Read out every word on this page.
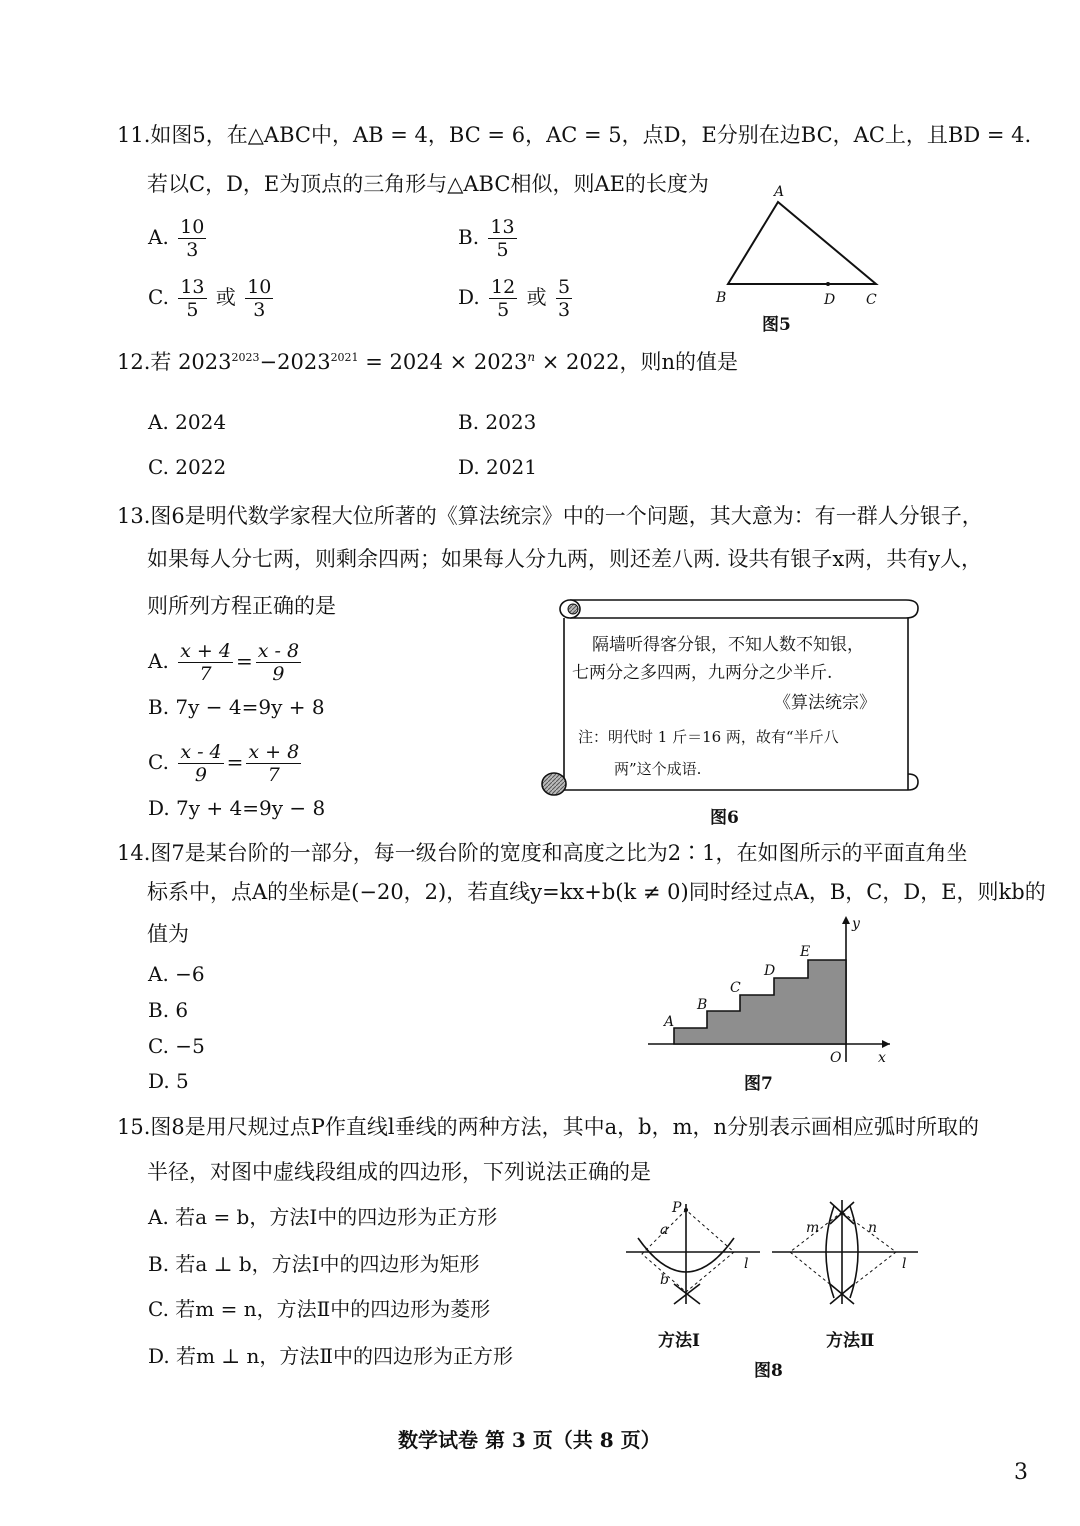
11.如图5，在△ABC中，AB = 4，BC = 6，AC = 5，点D，E分别在边BC，AC上，且BD = 4.
若以C，D，E为顶点的三角形与△ABC相似，则AE的长度为
A. $\frac{10}{3}$	B. $\frac{13}{5}$
C. $\frac{13}{5}$ 或 $\frac{10}{3}$	D. $\frac{12}{5}$ 或 $\frac{5}{3}$
A
B	D C
图5
12.若 $2023^{2023}-2023^{2021} = 2024 \times 2023^n \times 2022$，则n的值是
A. 2024	B. 2023
C. 2022	D. 2021
13.图6是明代数学家程大位所著的《算法统宗》中的一个问题，其大意为：有一群人分银子，
如果每人分七两，则剩余四两；如果每人分九两，则还差八两. 设共有银子x两，共有y人，
则所列方程正确的是
A. $\frac{x + 4}{7} = \frac{x - 8}{9}$
B. 7y − 4=9y + 8
C. $\frac{x - 4}{9} = \frac{x + 8}{7}$
D. 7y + 4=9y − 8
隔墙听得客分银，不知人数不知银，
七两分之多四两，九两分之少半斤.
《算法统宗》
注：明代时 1 斤＝16 两，故有“半斤八
两”这个成语.
图6
14.图7是某台阶的一部分，每一级台阶的宽度和高度之比为2∶1，在如图所示的平面直角坐
标系中，点A的坐标是(−20，2)，若直线y=kx+b(k ≠ 0)同时经过点A，B，C，D，E，则kb的
值为
A. −6
B. 6
C. −5
D. 5
A
B
C
D
E
O	x
y
图7
15.图8是用尺规过点P作直线l垂线的两种方法，其中a，b，m，n分别表示画相应弧时所取的
半径，对图中虚线段组成的四边形，下列说法正确的是
A. 若a = b，方法Ⅰ中的四边形为正方形
B. 若a ⊥ b，方法Ⅰ中的四边形为矩形
C. 若m = n，方法Ⅱ中的四边形为菱形
D. 若m ⊥ n，方法Ⅱ中的四边形为正方形
P
a
b
l
m	n
l
方法Ⅰ	方法Ⅱ
图8
数学试卷 第 3 页（共 8 页）
3
